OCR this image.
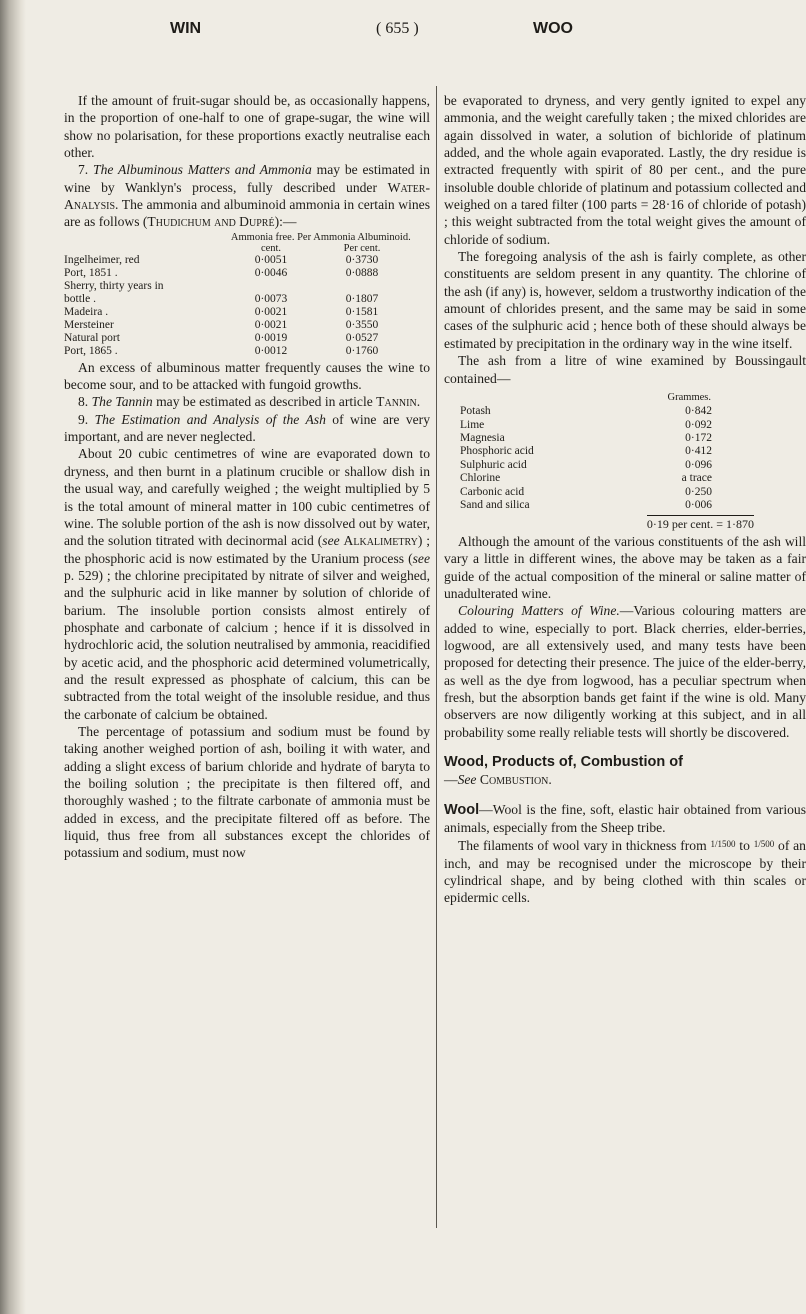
WIN	( 655 )	WOO

If the amount of fruit-sugar should be, as occasionally happens, in the proportion of one-half to one of grape-sugar, the wine will show no polarisation, for these proportions exactly neutralise each other.

7. The Albuminous Matters and Ammonia may be estimated in wine by Wanklyn's process, fully described under Water-Analysis. The ammonia and albuminoid ammonia in certain wines are as follows (Thudichum and Dupré):—

	Ammonia free. Per cent.	Ammonia Albuminoid. Per cent.
Ingelheimer, red	0·0051	0·3730
Port, 1851 .	0·0046	0·0888
Sherry, thirty years in		
bottle .	0·0073	0·1807
Madeira .	0·0021	0·1581
Mersteiner	0·0021	0·3550
Natural port	0·0019	0·0527
Port, 1865 .	0·0012	0·1760

An excess of albuminous matter frequently causes the wine to become sour, and to be attacked with fungoid growths.

8. The Tannin may be estimated as described in article Tannin.

9. The Estimation and Analysis of the Ash of wine are very important, and are never neglected.

About 20 cubic centimetres of wine are evaporated down to dryness, and then burnt in a platinum crucible or shallow dish in the usual way, and carefully weighed ; the weight multiplied by 5 is the total amount of mineral matter in 100 cubic centimetres of wine. The soluble portion of the ash is now dissolved out by water, and the solution titrated with decinormal acid (see Alkalimetry) ; the phosphoric acid is now estimated by the Uranium process (see p. 529) ; the chlorine precipitated by nitrate of silver and weighed, and the sulphuric acid in like manner by solution of chloride of barium. The insoluble portion consists almost entirely of phosphate and carbonate of calcium ; hence if it is dissolved in hydrochloric acid, the solution neutralised by ammonia, reacidified by acetic acid, and the phosphoric acid determined volumetrically, and the result expressed as phosphate of calcium, this can be subtracted from the total weight of the insoluble residue, and thus the carbonate of calcium be obtained.

The percentage of potassium and sodium must be found by taking another weighed portion of ash, boiling it with water, and adding a slight excess of barium chloride and hydrate of baryta to the boiling solution ; the precipitate is then filtered off, and thoroughly washed ; to the filtrate carbonate of ammonia must be added in excess, and the precipitate filtered off as before. The liquid, thus free from all substances except the chlorides of potassium and sodium, must now

be evaporated to dryness, and very gently ignited to expel any ammonia, and the weight carefully taken ; the mixed chlorides are again dissolved in water, a solution of bichloride of platinum added, and the whole again evaporated. Lastly, the dry residue is extracted frequently with spirit of 80 per cent., and the pure insoluble double chloride of platinum and potassium collected and weighed on a tared filter (100 parts = 28·16 of chloride of potash) ; this weight subtracted from the total weight gives the amount of chloride of sodium.

The foregoing analysis of the ash is fairly complete, as other constituents are seldom present in any quantity. The chlorine of the ash (if any) is, however, seldom a trustworthy indication of the amount of chlorides present, and the same may be said in some cases of the sulphuric acid ; hence both of these should always be estimated by precipitation in the ordinary way in the wine itself.

The ash from a litre of wine examined by Boussingault contained—

	Grammes.
Potash	0·842
Lime	0·092
Magnesia	0·172
Phosphoric acid	0·412
Sulphuric acid	0·096
Chlorine	a trace
Carbonic acid	0·250
Sand and silica	0·006
0·19 per cent. = 1·870

Although the amount of the various constituents of the ash will vary a little in different wines, the above may be taken as a fair guide of the actual composition of the mineral or saline matter of unadulterated wine.

Colouring Matters of Wine.—Various colouring matters are added to wine, especially to port. Black cherries, elder-berries, logwood, are all extensively used, and many tests have been proposed for detecting their presence. The juice of the elder-berry, as well as the dye from logwood, has a peculiar spectrum when fresh, but the absorption bands get faint if the wine is old. Many observers are now diligently working at this subject, and in all probability some really reliable tests will shortly be discovered.

Wood, Products of, Combustion of
—See Combustion.

Wool—Wool is the fine, soft, elastic hair obtained from various animals, especially from the Sheep tribe.

The filaments of wool vary in thickness from $^{1/1500}$ to $^{1/500}$ of an inch, and may be recognised under the microscope by their cylindrical shape, and by being clothed with thin scales or epidermic cells.
